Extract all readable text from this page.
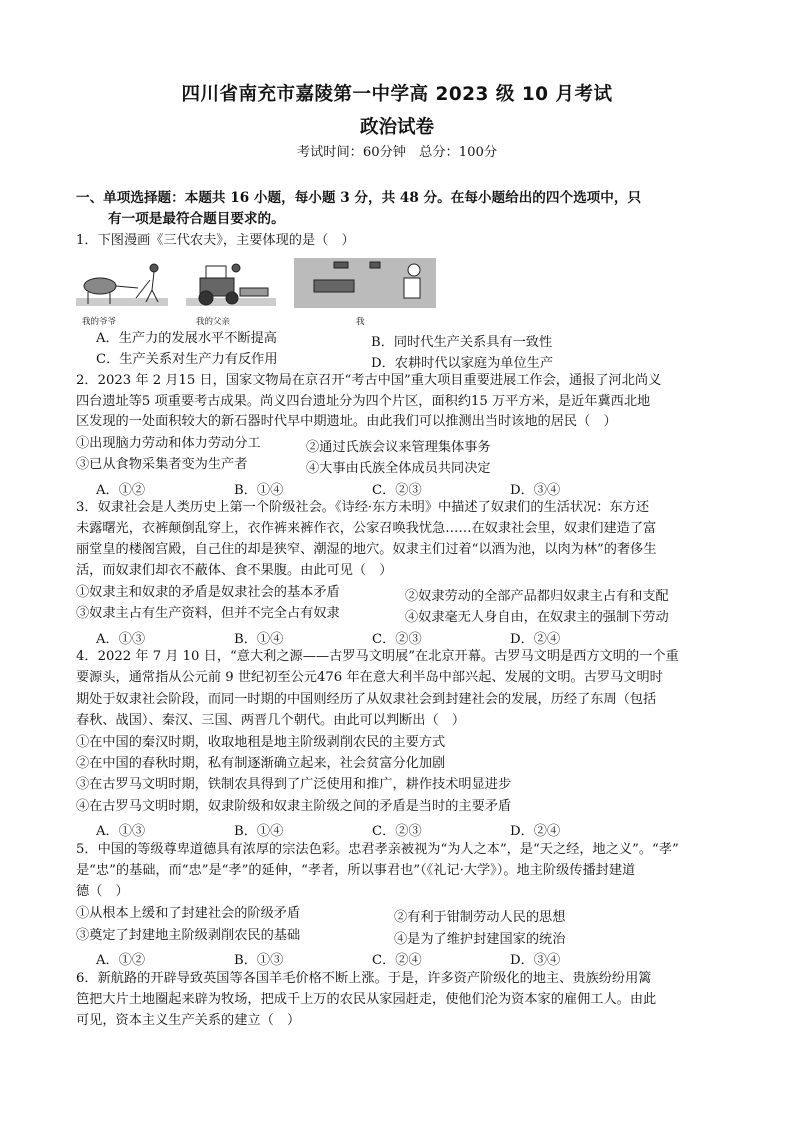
四川省南充市嘉陵第一中学高 2023 级 10 月考试
政治试卷
考试时间：60分钟　总分：100分
一、单项选择题：本题共 16 小题，每小题 3 分，共 48 分。在每小题给出的四个选项中，只
有一项是最符合题目要求的。
1．下图漫画《三代农夫》，主要体现的是（　）
我的爷爷	我的父亲	我
A．生产力的发展水平不断提高	B．同时代生产关系具有一致性
C．生产关系对生产力有反作用	D．农耕时代以家庭为单位生产
2．2023 年 2 月15 日，国家文物局在京召开“考古中国”重大项目重要进展工作会，通报了河北尚义
四台遗址等5 项重要考古成果。尚义四台遗址分为四个片区，面积约15 万平方米，是近年冀西北地
区发现的一处面积较大的新石器时代早中期遗址。由此我们可以推测出当时该地的居民（　）
①出现脑力劳动和体力劳动分工	②通过氏族会议来管理集体事务
③已从食物采集者变为生产者	④大事由氏族全体成员共同决定
A．①②	B．①④	C．②③	D．③④
3．奴隶社会是人类历史上第一个阶级社会。《诗经·东方未明》中描述了奴隶们的生活状况：东方还
未露曙光，衣裤颠倒乱穿上，衣作裤来裤作衣，公家召唤我忧急……在奴隶社会里，奴隶们建造了富
丽堂皇的楼阁宫殿，自己住的却是狭窄、潮湿的地穴。奴隶主们过着“以酒为池，以肉为林”的奢侈生
活，而奴隶们却衣不蔽体、食不果腹。由此可见（　）
①奴隶主和奴隶的矛盾是奴隶社会的基本矛盾	②奴隶劳动的全部产品都归奴隶主占有和支配
③奴隶主占有生产资料，但并不完全占有奴隶	④奴隶毫无人身自由，在奴隶主的强制下劳动
A．①③	B．①④	C．②③	D．②④
4．2022 年 7 月 10 日，“意大利之源——古罗马文明展”在北京开幕。古罗马文明是西方文明的一个重
要源头，通常指从公元前 9 世纪初至公元476 年在意大利半岛中部兴起、发展的文明。古罗马文明时
期处于奴隶社会阶段，而同一时期的中国则经历了从奴隶社会到封建社会的发展，历经了东周（包括
春秋、战国）、秦汉、三国、两晋几个朝代。由此可以判断出（　）
①在中国的秦汉时期，收取地租是地主阶级剥削农民的主要方式
②在中国的春秋时期，私有制逐渐确立起来，社会贫富分化加剧
③在古罗马文明时期，铁制农具得到了广泛使用和推广，耕作技术明显进步
④在古罗马文明时期，奴隶阶级和奴隶主阶级之间的矛盾是当时的主要矛盾
A．①③	B．①④	C．②③	D．②④
5．中国的等级尊卑道德具有浓厚的宗法色彩。忠君孝亲被视为“为人之本”，是“天之经，地之义”。“孝”
是“忠”的基础，而“忠”是“孝”的延伸，“孝者，所以事君也”（《礼记·大学》）。地主阶级传播封建道
德（　）
①从根本上缓和了封建社会的阶级矛盾	②有利于钳制劳动人民的思想
③奠定了封建地主阶级剥削农民的基础	④是为了维护封建国家的统治
A．①②	B．①③	C．②④	D．③④
6．新航路的开辟导致英国等各国羊毛价格不断上涨。于是，许多资产阶级化的地主、贵族纷纷用篱
笆把大片土地圈起来辟为牧场，把成千上万的农民从家园赶走，使他们沦为资本家的雇佣工人。由此
可见，资本主义生产关系的建立（　）
